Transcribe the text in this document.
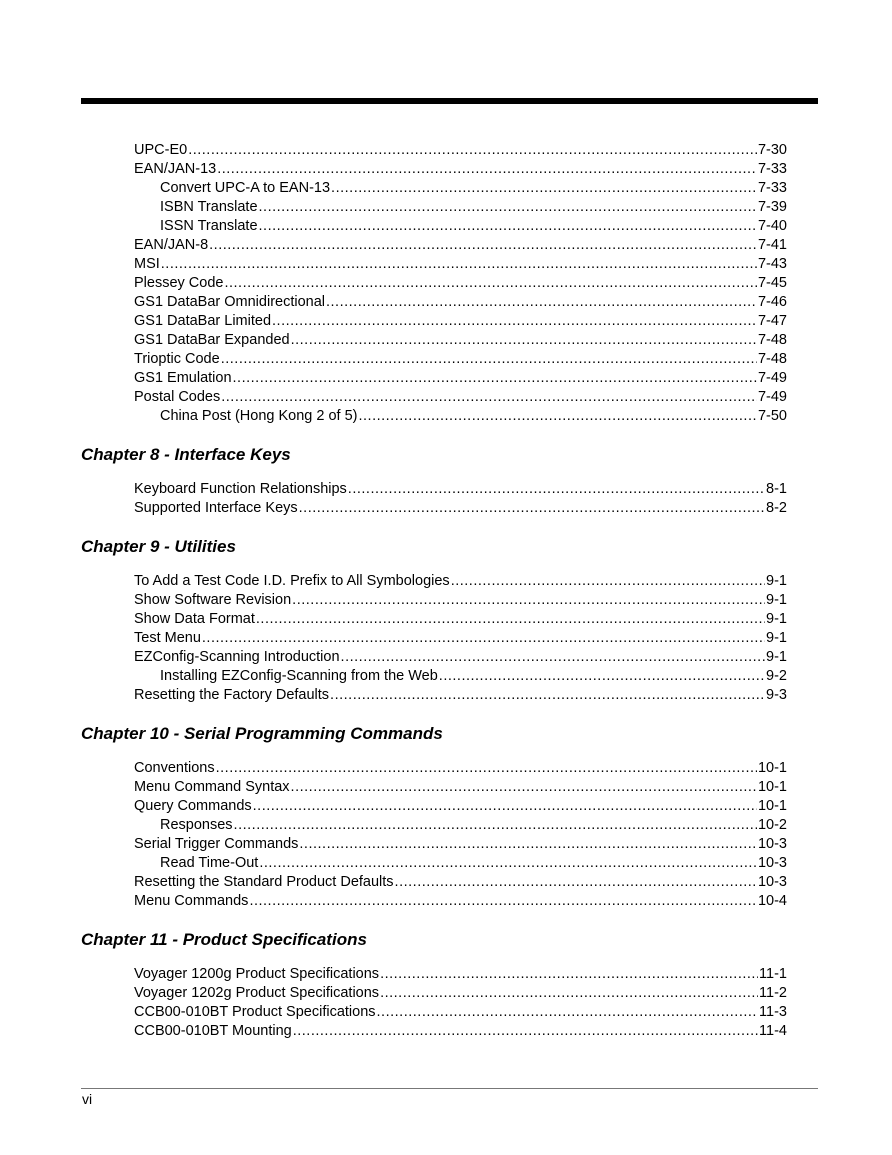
UPC-E0 .....	7-30
EAN/JAN-13 .....	7-33
Convert UPC-A to EAN-13 .....	7-33
ISBN Translate .....	7-39
ISSN Translate .....	7-40
EAN/JAN-8 .....	7-41
MSI .....	7-43
Plessey Code .....	7-45
GS1 DataBar Omnidirectional .....	7-46
GS1 DataBar Limited .....	7-47
GS1 DataBar Expanded .....	7-48
Trioptic Code .....	7-48
GS1 Emulation .....	7-49
Postal Codes .....	7-49
China Post (Hong Kong 2 of 5) .....	7-50
Chapter 8 - Interface Keys
Keyboard Function Relationships .....	8-1
Supported Interface Keys .....	8-2
Chapter 9 - Utilities
To Add a Test Code I.D. Prefix to All Symbologies .....	9-1
Show Software Revision .....	9-1
Show Data Format .....	9-1
Test Menu .....	9-1
EZConfig-Scanning Introduction .....	9-1
Installing EZConfig-Scanning from the Web .....	9-2
Resetting the Factory Defaults .....	9-3
Chapter 10 - Serial Programming Commands
Conventions .....	10-1
Menu Command Syntax .....	10-1
Query Commands .....	10-1
Responses .....	10-2
Serial Trigger Commands .....	10-3
Read Time-Out .....	10-3
Resetting the Standard Product Defaults .....	10-3
Menu Commands .....	10-4
Chapter 11 - Product Specifications
Voyager 1200g Product Specifications .....	11-1
Voyager 1202g Product Specifications .....	11-2
CCB00-010BT Product Specifications .....	11-3
CCB00-010BT Mounting .....	11-4
vi
